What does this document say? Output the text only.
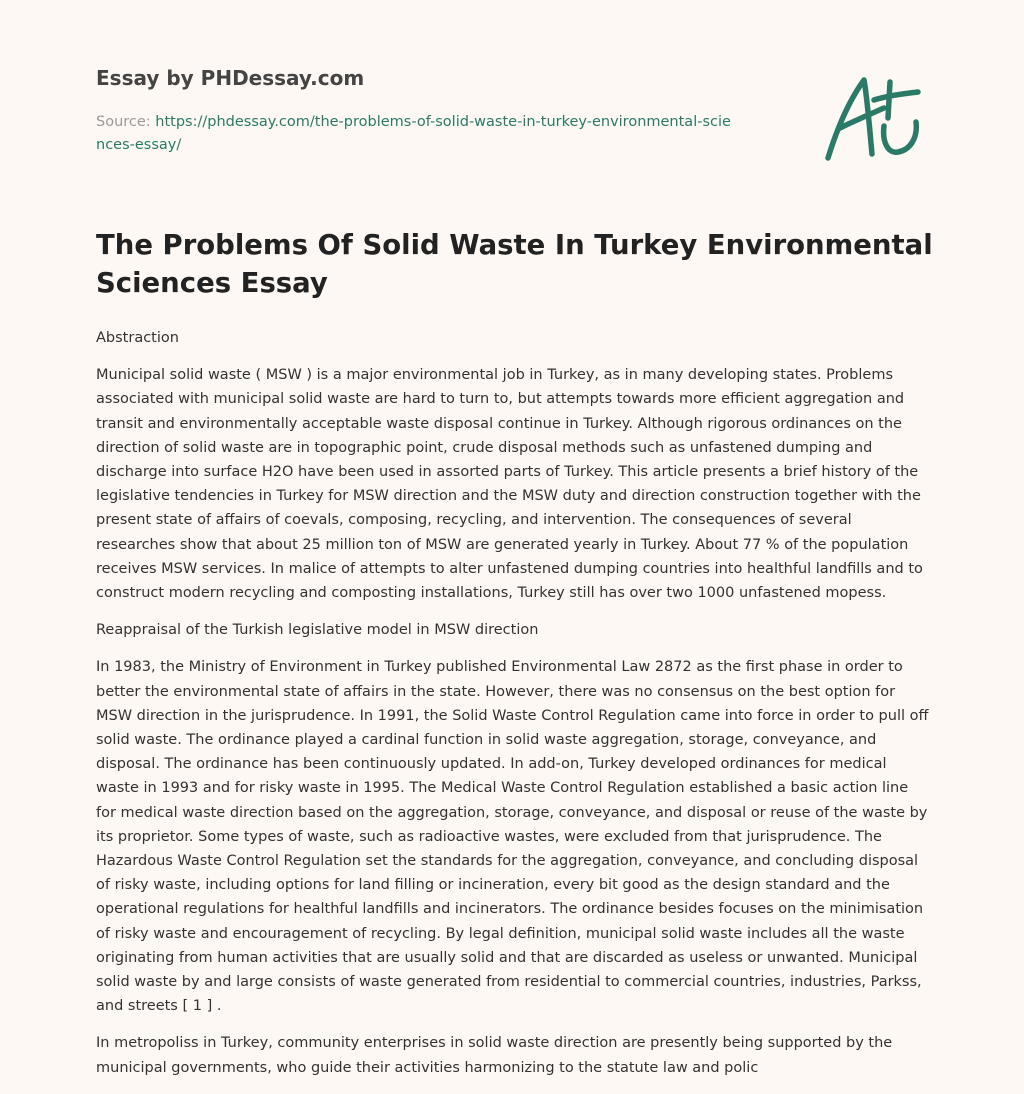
Essay by PHDessay.com
Source: https://phdessay.com/the-problems-of-solid-waste-in-turkey-environmental-sciences-essay/
The Problems Of Solid Waste In Turkey Environmental Sciences Essay

Abstraction

Municipal solid waste ( MSW ) is a major environmental job in Turkey, as in many developing states. Problems associated with municipal solid waste are hard to turn to, but attempts towards more efficient aggregation and transit and environmentally acceptable waste disposal continue in Turkey. Although rigorous ordinances on the direction of solid waste are in topographic point, crude disposal methods such as unfastened dumping and discharge into surface H2O have been used in assorted parts of Turkey. This article presents a brief history of the legislative tendencies in Turkey for MSW direction and the MSW duty and direction construction together with the present state of affairs of coevals, composing, recycling, and intervention. The consequences of several researches show that about 25 million ton of MSW are generated yearly in Turkey. About 77 % of the population receives MSW services. In malice of attempts to alter unfastened dumping countries into healthful landfills and to construct modern recycling and composting installations, Turkey still has over two 1000 unfastened mopess.

Reappraisal of the Turkish legislative model in MSW direction

In 1983, the Ministry of Environment in Turkey published Environmental Law 2872 as the first phase in order to better the environmental state of affairs in the state. However, there was no consensus on the best option for MSW direction in the jurisprudence. In 1991, the Solid Waste Control Regulation came into force in order to pull off solid waste. The ordinance played a cardinal function in solid waste aggregation, storage, conveyance, and disposal. The ordinance has been continuously updated. In add-on, Turkey developed ordinances for medical waste in 1993 and for risky waste in 1995. The Medical Waste Control Regulation established a basic action line for medical waste direction based on the aggregation, storage, conveyance, and disposal or reuse of the waste by its proprietor. Some types of waste, such as radioactive wastes, were excluded from that jurisprudence. The Hazardous Waste Control Regulation set the standards for the aggregation, conveyance, and concluding disposal of risky waste, including options for land filling or incineration, every bit good as the design standard and the operational regulations for healthful landfills and incinerators. The ordinance besides focuses on the minimisation of risky waste and encouragement of recycling. By legal definition, municipal solid waste includes all the waste originating from human activities that are usually solid and that are discarded as useless or unwanted. Municipal solid waste by and large consists of waste generated from residential to commercial countries, industries, Parkss, and streets [ 1 ] .

In metropoliss in Turkey, community enterprises in solid waste direction are presently being supported by the municipal governments, who guide their activities harmonizing to the statute law and polic
